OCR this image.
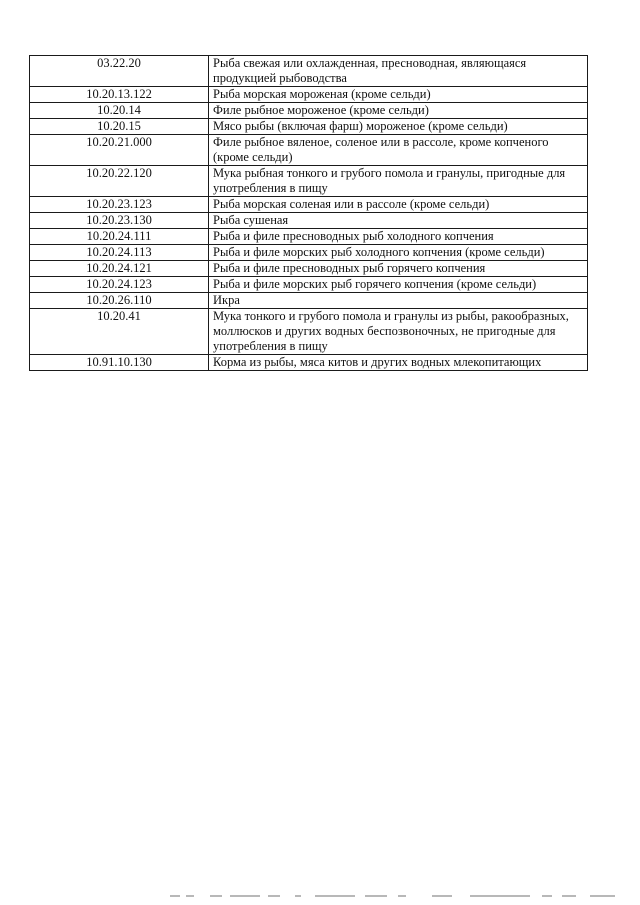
03.22.20	Рыба свежая или охлажденная, пресноводная, являющаяся продукцией рыбоводства
10.20.13.122	Рыба морская мороженая (кроме сельди)
10.20.14	Филе рыбное мороженое (кроме сельди)
10.20.15	Мясо рыбы (включая фарш) мороженое (кроме сельди)
10.20.21.000	Филе рыбное вяленое, соленое или в рассоле, кроме копченого (кроме сельди)
10.20.22.120	Мука рыбная тонкого и грубого помола и гранулы, пригодные для употребления в пищу
10.20.23.123	Рыба морская соленая или в рассоле (кроме сельди)
10.20.23.130	Рыба сушеная
10.20.24.111	Рыба и филе пресноводных рыб холодного копчения
10.20.24.113	Рыба и филе морских рыб холодного копчения (кроме сельди)
10.20.24.121	Рыба и филе пресноводных рыб горячего копчения
10.20.24.123	Рыба и филе морских рыб горячего копчения (кроме сельди)
10.20.26.110	Икра
10.20.41	Мука тонкого и грубого помола и гранулы из рыбы, ракообразных, моллюсков и других водных беспозвоночных, не пригодные для употребления в пищу
10.91.10.130	Корма из рыбы, мяса китов и других водных млекопитающих
